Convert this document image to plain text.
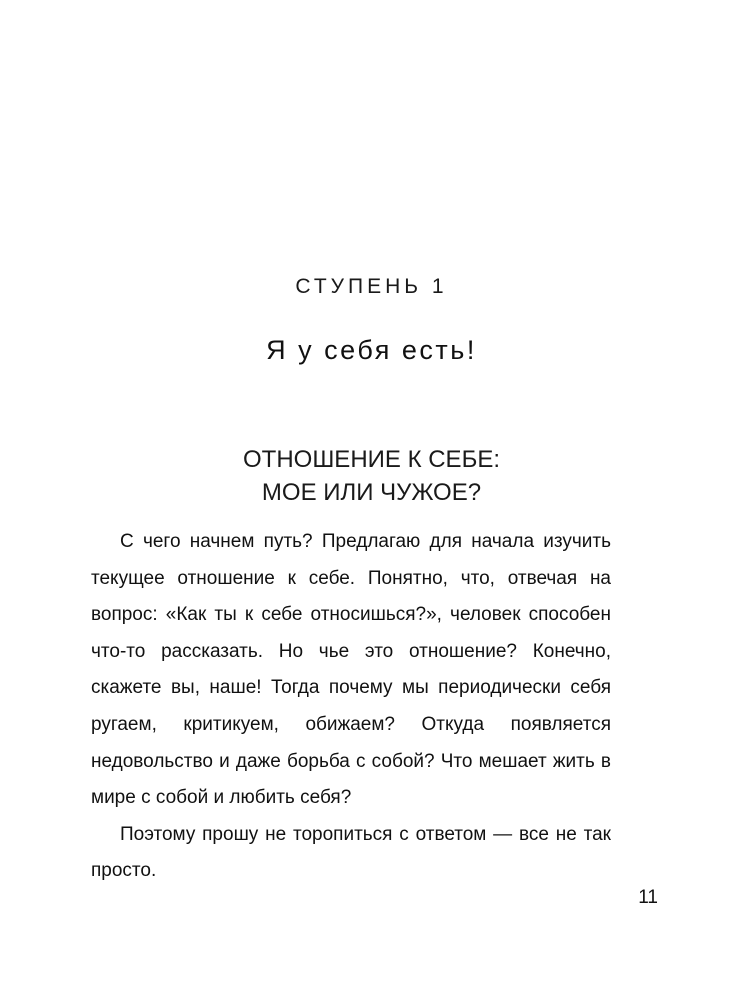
СТУПЕНЬ 1
Я у себя есть!
ОТНОШЕНИЕ К СЕБЕ:
МОЕ ИЛИ ЧУЖОЕ?

С чего начнем путь? Предлагаю для начала изучить текущее отношение к себе. Понятно, что, отвечая на вопрос: «Как ты к себе относишься?», человек способен что-то рассказать. Но чье это отношение? Конечно, скажете вы, наше! Тогда почему мы периодически себя ругаем, критикуем, обижаем? Откуда появляется недовольство и даже борьба с собой? Что мешает жить в мире с собой и любить себя?

Поэтому прошу не торопиться с ответом — все не так просто.

11
